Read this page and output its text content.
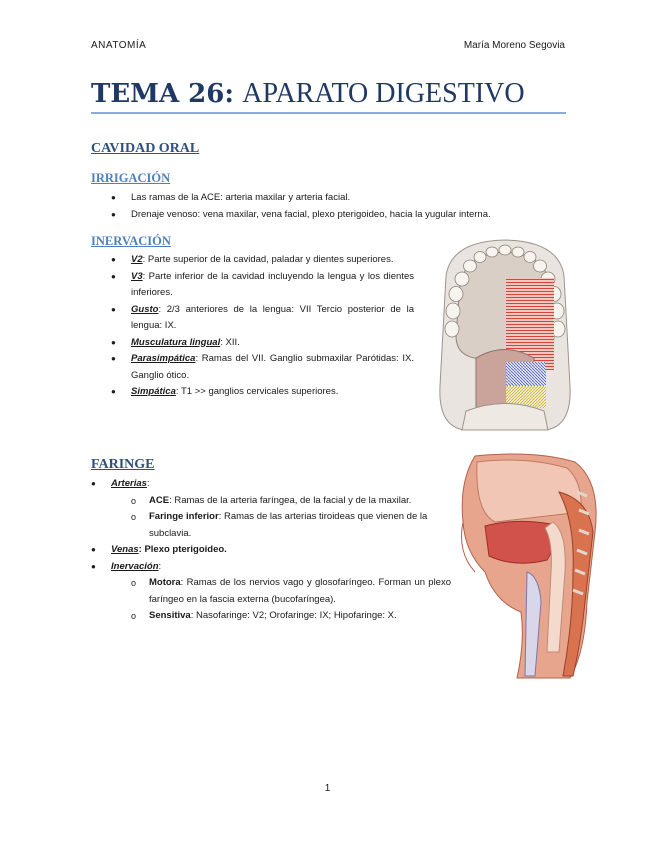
ANATOMÍA	María Moreno Segovia
TEMA 26: APARATO DIGESTIVO
CAVIDAD ORAL
IRRIGACIÓN
● Las ramas de la ACE: arteria maxilar y arteria facial.
● Drenaje venoso: vena maxilar, vena facial, plexo pterigoideo, hacia la yugular interna.
INERVACIÓN
● V2: Parte superior de la cavidad, paladar y dientes superiores.
● V3: Parte inferior de la cavidad incluyendo la lengua y los dientes inferiores.
● Gusto: 2/3 anteriores de la lengua: VII Tercio posterior de la lengua: IX.
● Musculatura lingual: XII.
● Parasimpática: Ramas del VII. Ganglio submaxilar Parótidas: IX. Ganglio ótico.
● Simpática: T1 >> ganglios cervicales superiores.
FARINGE
● Arterias:
o ACE: Ramas de la arteria faríngea, de la facial y de la maxilar.
o Faringe inferior: Ramas de las arterias tiroideas que vienen de la subclavia.
● Venas: Plexo pterigoideo.
● Inervación:
o Motora: Ramas de los nervios vago y glosofaríngeo. Forman un plexo faríngeo en la fascia externa (bucofaríngea).
o Sensitiva: Nasofaringe: V2; Orofaringe: IX; Hipofaringe: X.
1
